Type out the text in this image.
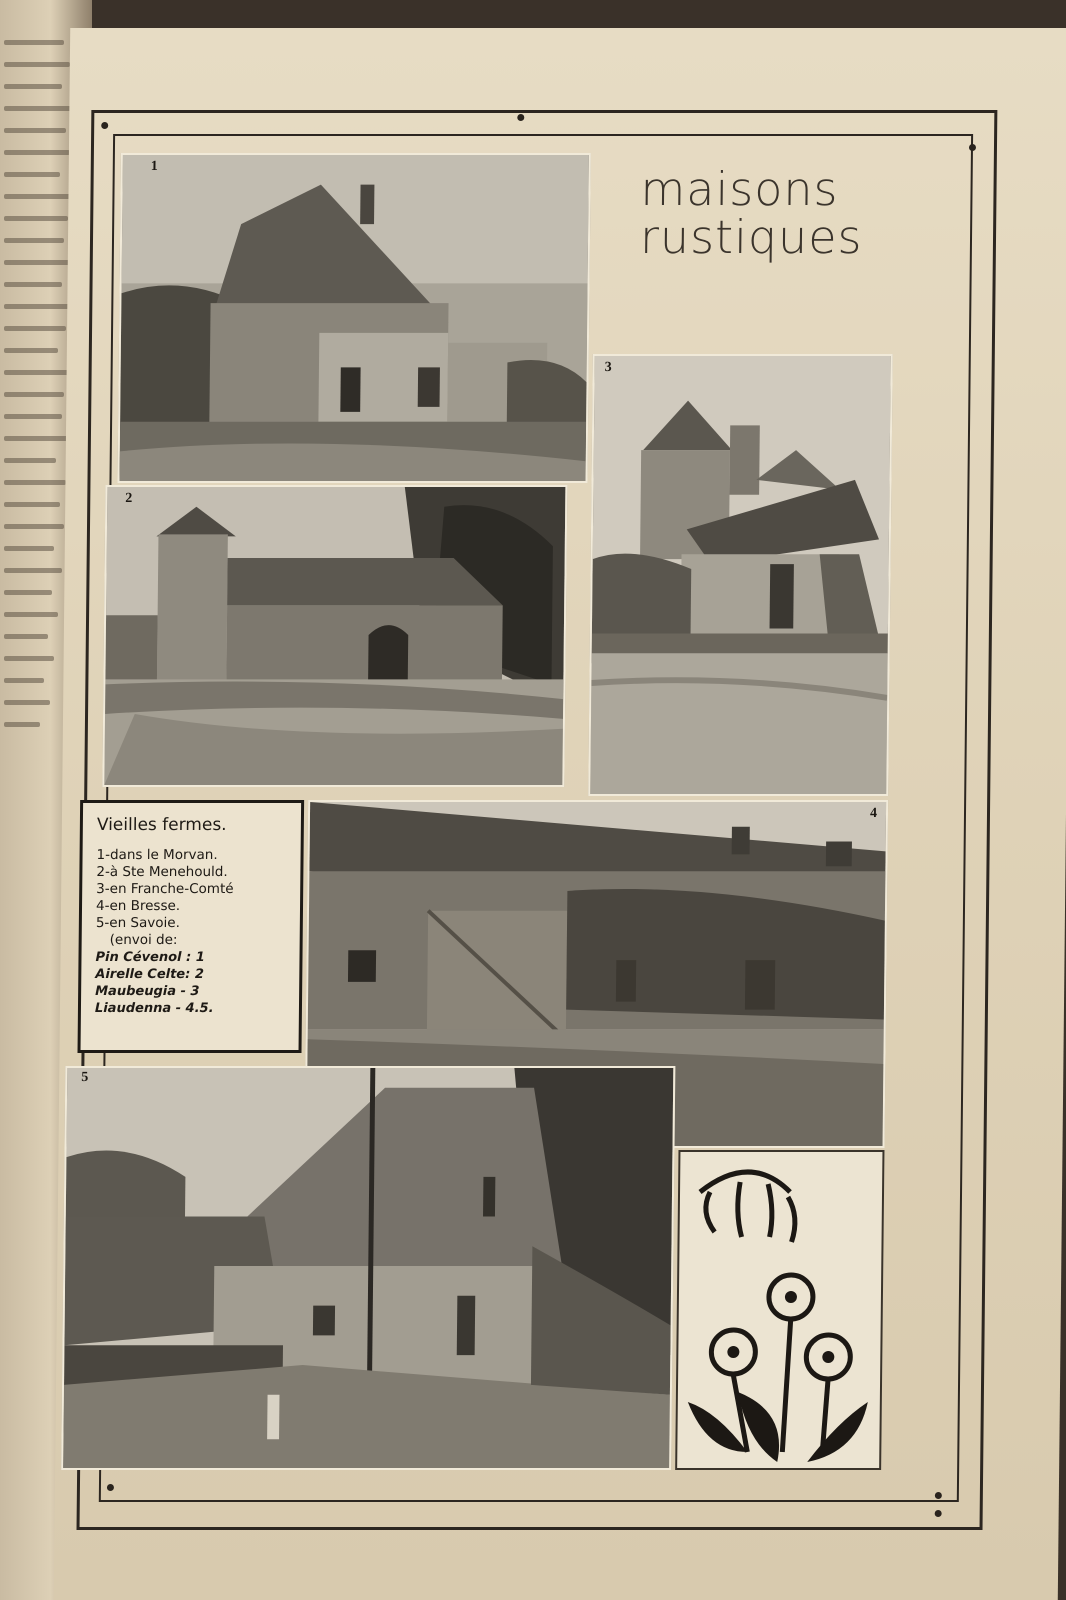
1
2
3
4
5
maisons
rustiques
Vieilles fermes.
1-dans le Morvan.
2-à Ste Menehould.
3-en Franche-Comté
4-en Bresse.
5-en Savoie.
(envoi de:
Pin Cévenol : 1
Airelle Celte: 2
Maubeugia - 3
Liaudenna - 4.5.
